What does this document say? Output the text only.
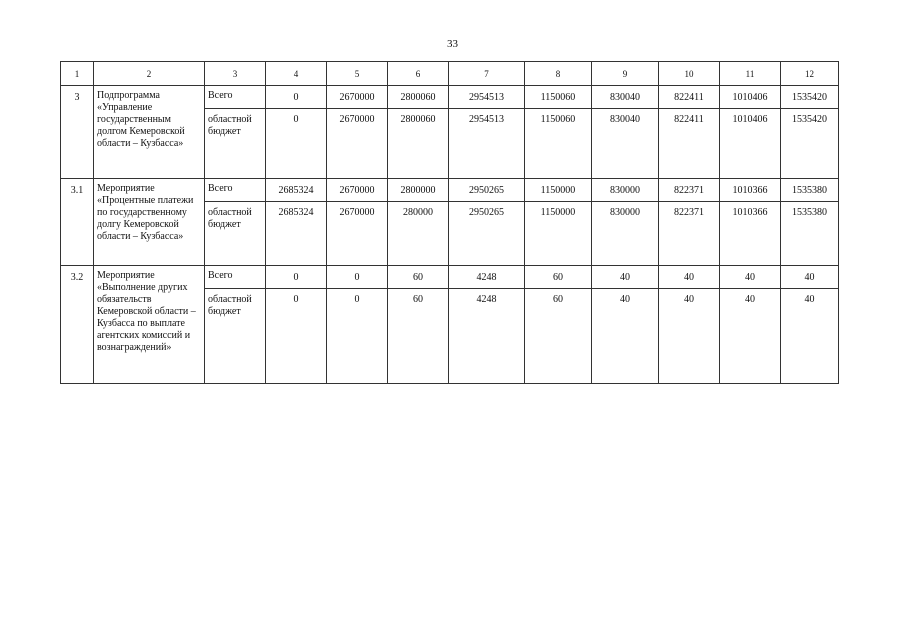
33
1	2	3	4	5	6	7	8	9	10	11	12
3	Подпрограмма «Управление государственным долгом Кемеровской области – Кузбасса»	Всего	0	2670000	2800060	2954513	1150060	830040	822411	1010406	1535420
		областной бюджет	0	2670000	2800060	2954513	1150060	830040	822411	1010406	1535420
3.1	Мероприятие «Процентные платежи по государственному долгу Кемеровской области – Кузбасса»	Всего	2685324	2670000	2800000	2950265	1150000	830000	822371	1010366	1535380
		областной бюджет	2685324	2670000	280000	2950265	1150000	830000	822371	1010366	1535380
3.2	Мероприятие «Выполнение других обязательств Кемеровской области – Кузбасса по выплате агентских комиссий и вознаграждений»	Всего	0	0	60	4248	60	40	40	40	40
		областной бюджет	0	0	60	4248	60	40	40	40	40
